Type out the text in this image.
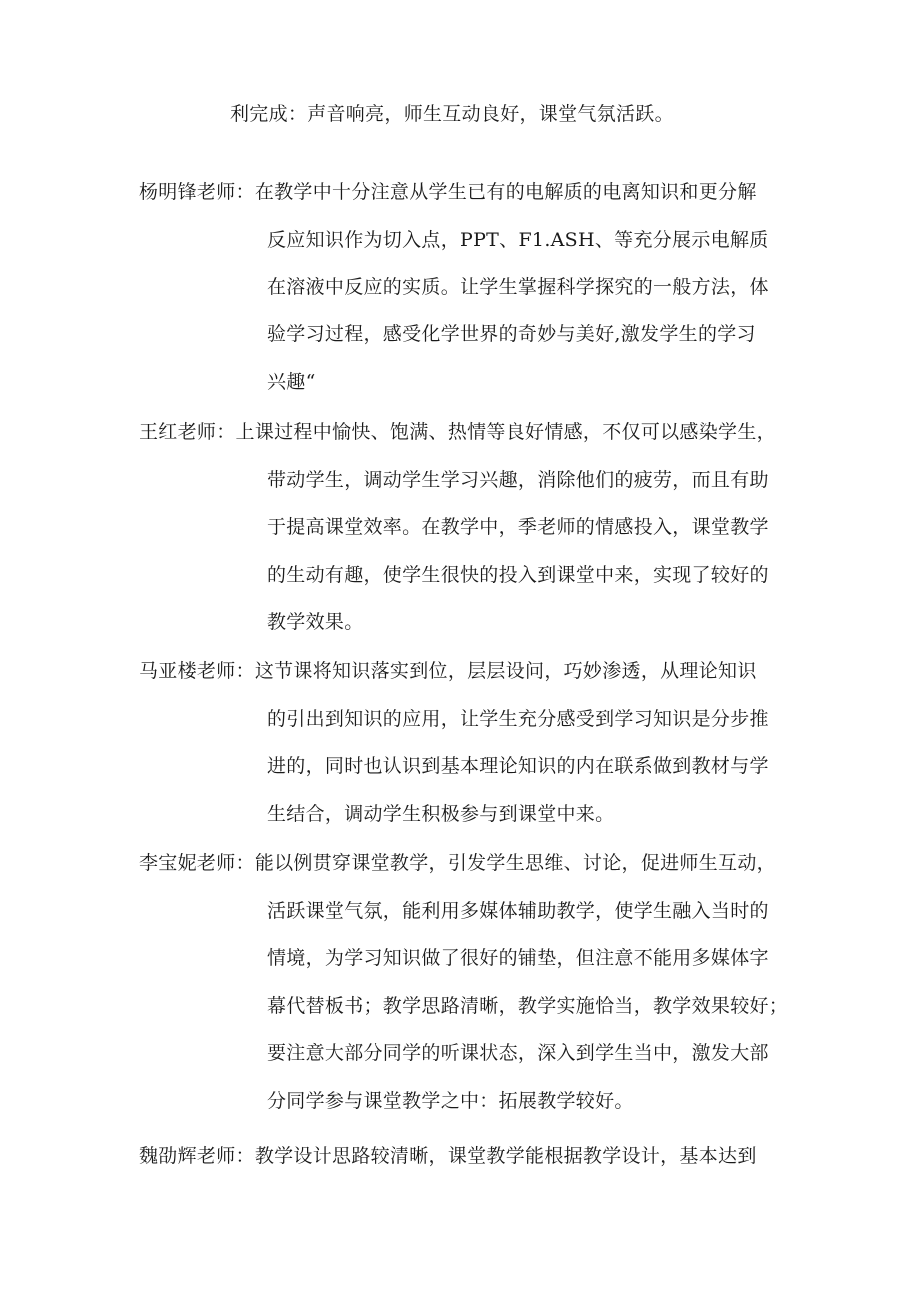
利完成：声音响亮，师生互动良好，课堂气氛活跃。
杨明锋老师：在教学中十分注意从学生已有的电解质的电离知识和更分解
反应知识作为切入点，PPT、F1.ASH、等充分展示电解质
在溶液中反应的实质。让学生掌握科学探究的一般方法，体
验学习过程，感受化学世界的奇妙与美好,激发学生的学习
兴趣“
王红老师：上课过程中愉快、饱满、热情等良好情感，不仅可以感染学生，
带动学生，调动学生学习兴趣，消除他们的疲劳，而且有助
于提高课堂效率。在教学中，季老师的情感投入，课堂教学
的生动有趣，使学生很快的投入到课堂中来，实现了较好的
教学效果。
马亚楼老师：这节课将知识落实到位，层层设问，巧妙渗透，从理论知识
的引出到知识的应用，让学生充分感受到学习知识是分步推
进的，同时也认识到基本理论知识的内在联系做到教材与学
生结合，调动学生积极参与到课堂中来。
李宝妮老师：能以例贯穿课堂教学，引发学生思维、讨论，促进师生互动，
活跃课堂气氛，能利用多媒体辅助教学，使学生融入当时的
情境，为学习知识做了很好的铺垫，但注意不能用多媒体字
幕代替板书；教学思路清晰，教学实施恰当，教学效果较好；
要注意大部分同学的听课状态，深入到学生当中，激发大部
分同学参与课堂教学之中：拓展教学较好。
魏劭辉老师：教学设计思路较清晰，课堂教学能根据教学设计，基本达到
